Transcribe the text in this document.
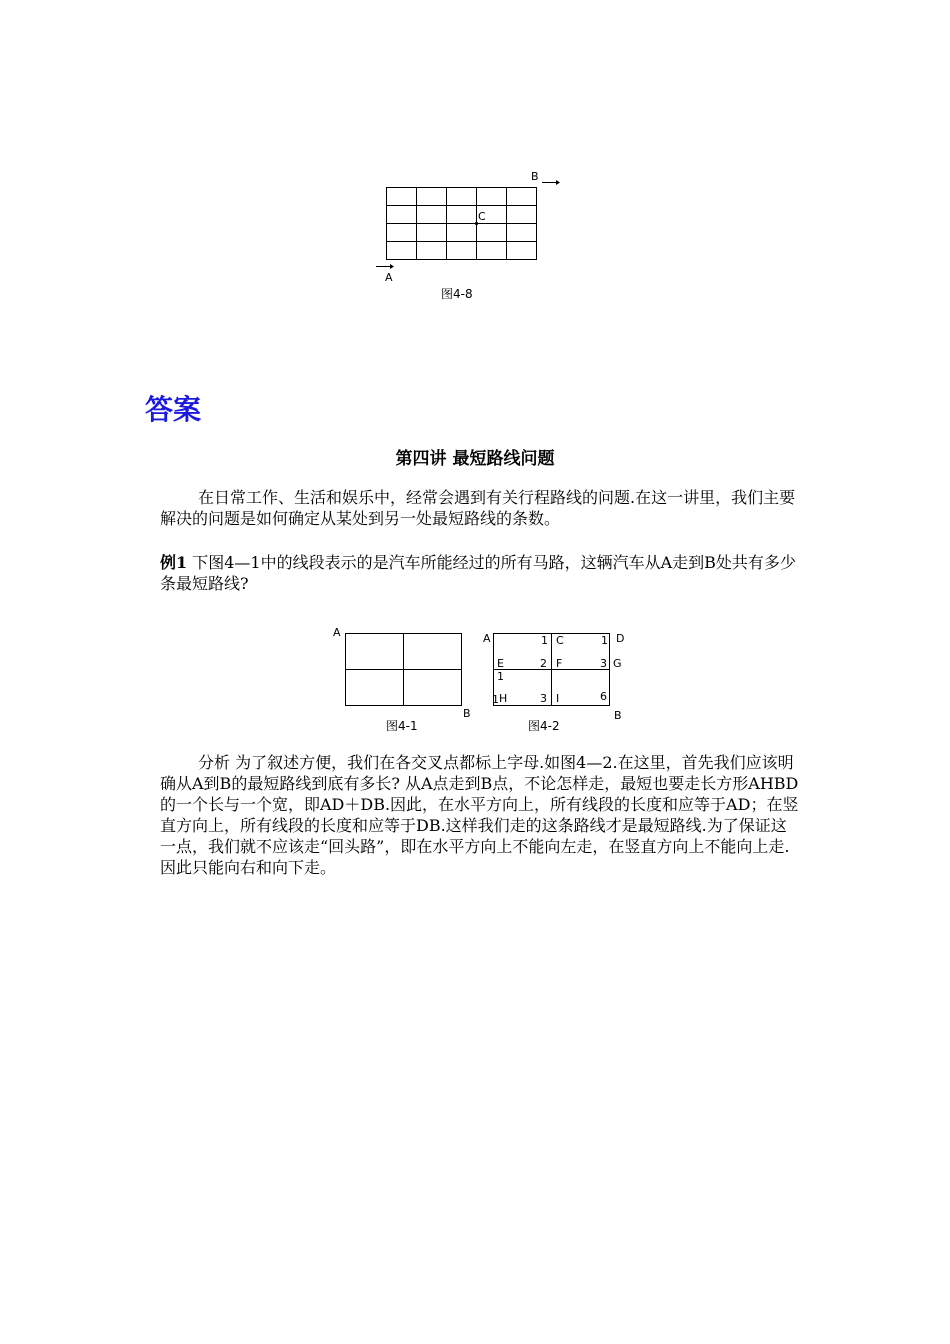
B
C
A
图4-8
答案
第四讲 最短路线问题
在日常工作、生活和娱乐中，经常会遇到有关行程路线的问题.在这一讲里，我们主要解决的问题是如何确定从某处到另一处最短路线的条数。
例1 下图4—1中的线段表示的是汽车所能经过的所有马路，这辆汽车从A走到B处共有多少条最短路线?
A
B
图4-1
A	1 C	1 D
E	2 F	3 G
1
1 H	3 I	6
B
图4-2
分析 为了叙述方便，我们在各交叉点都标上字母.如图4—2.在这里，首先我们应该明确从A到B的最短路线到底有多长? 从A点走到B点，不论怎样走，最短也要走长方形AHBD的一个长与一个宽，即AD＋DB.因此，在水平方向上，所有线段的长度和应等于AD；在竖直方向上，所有线段的长度和应等于DB.这样我们走的这条路线才是最短路线.为了保证这一点，我们就不应该走“回头路”，即在水平方向上不能向左走，在竖直方向上不能向上走.因此只能向右和向下走。
